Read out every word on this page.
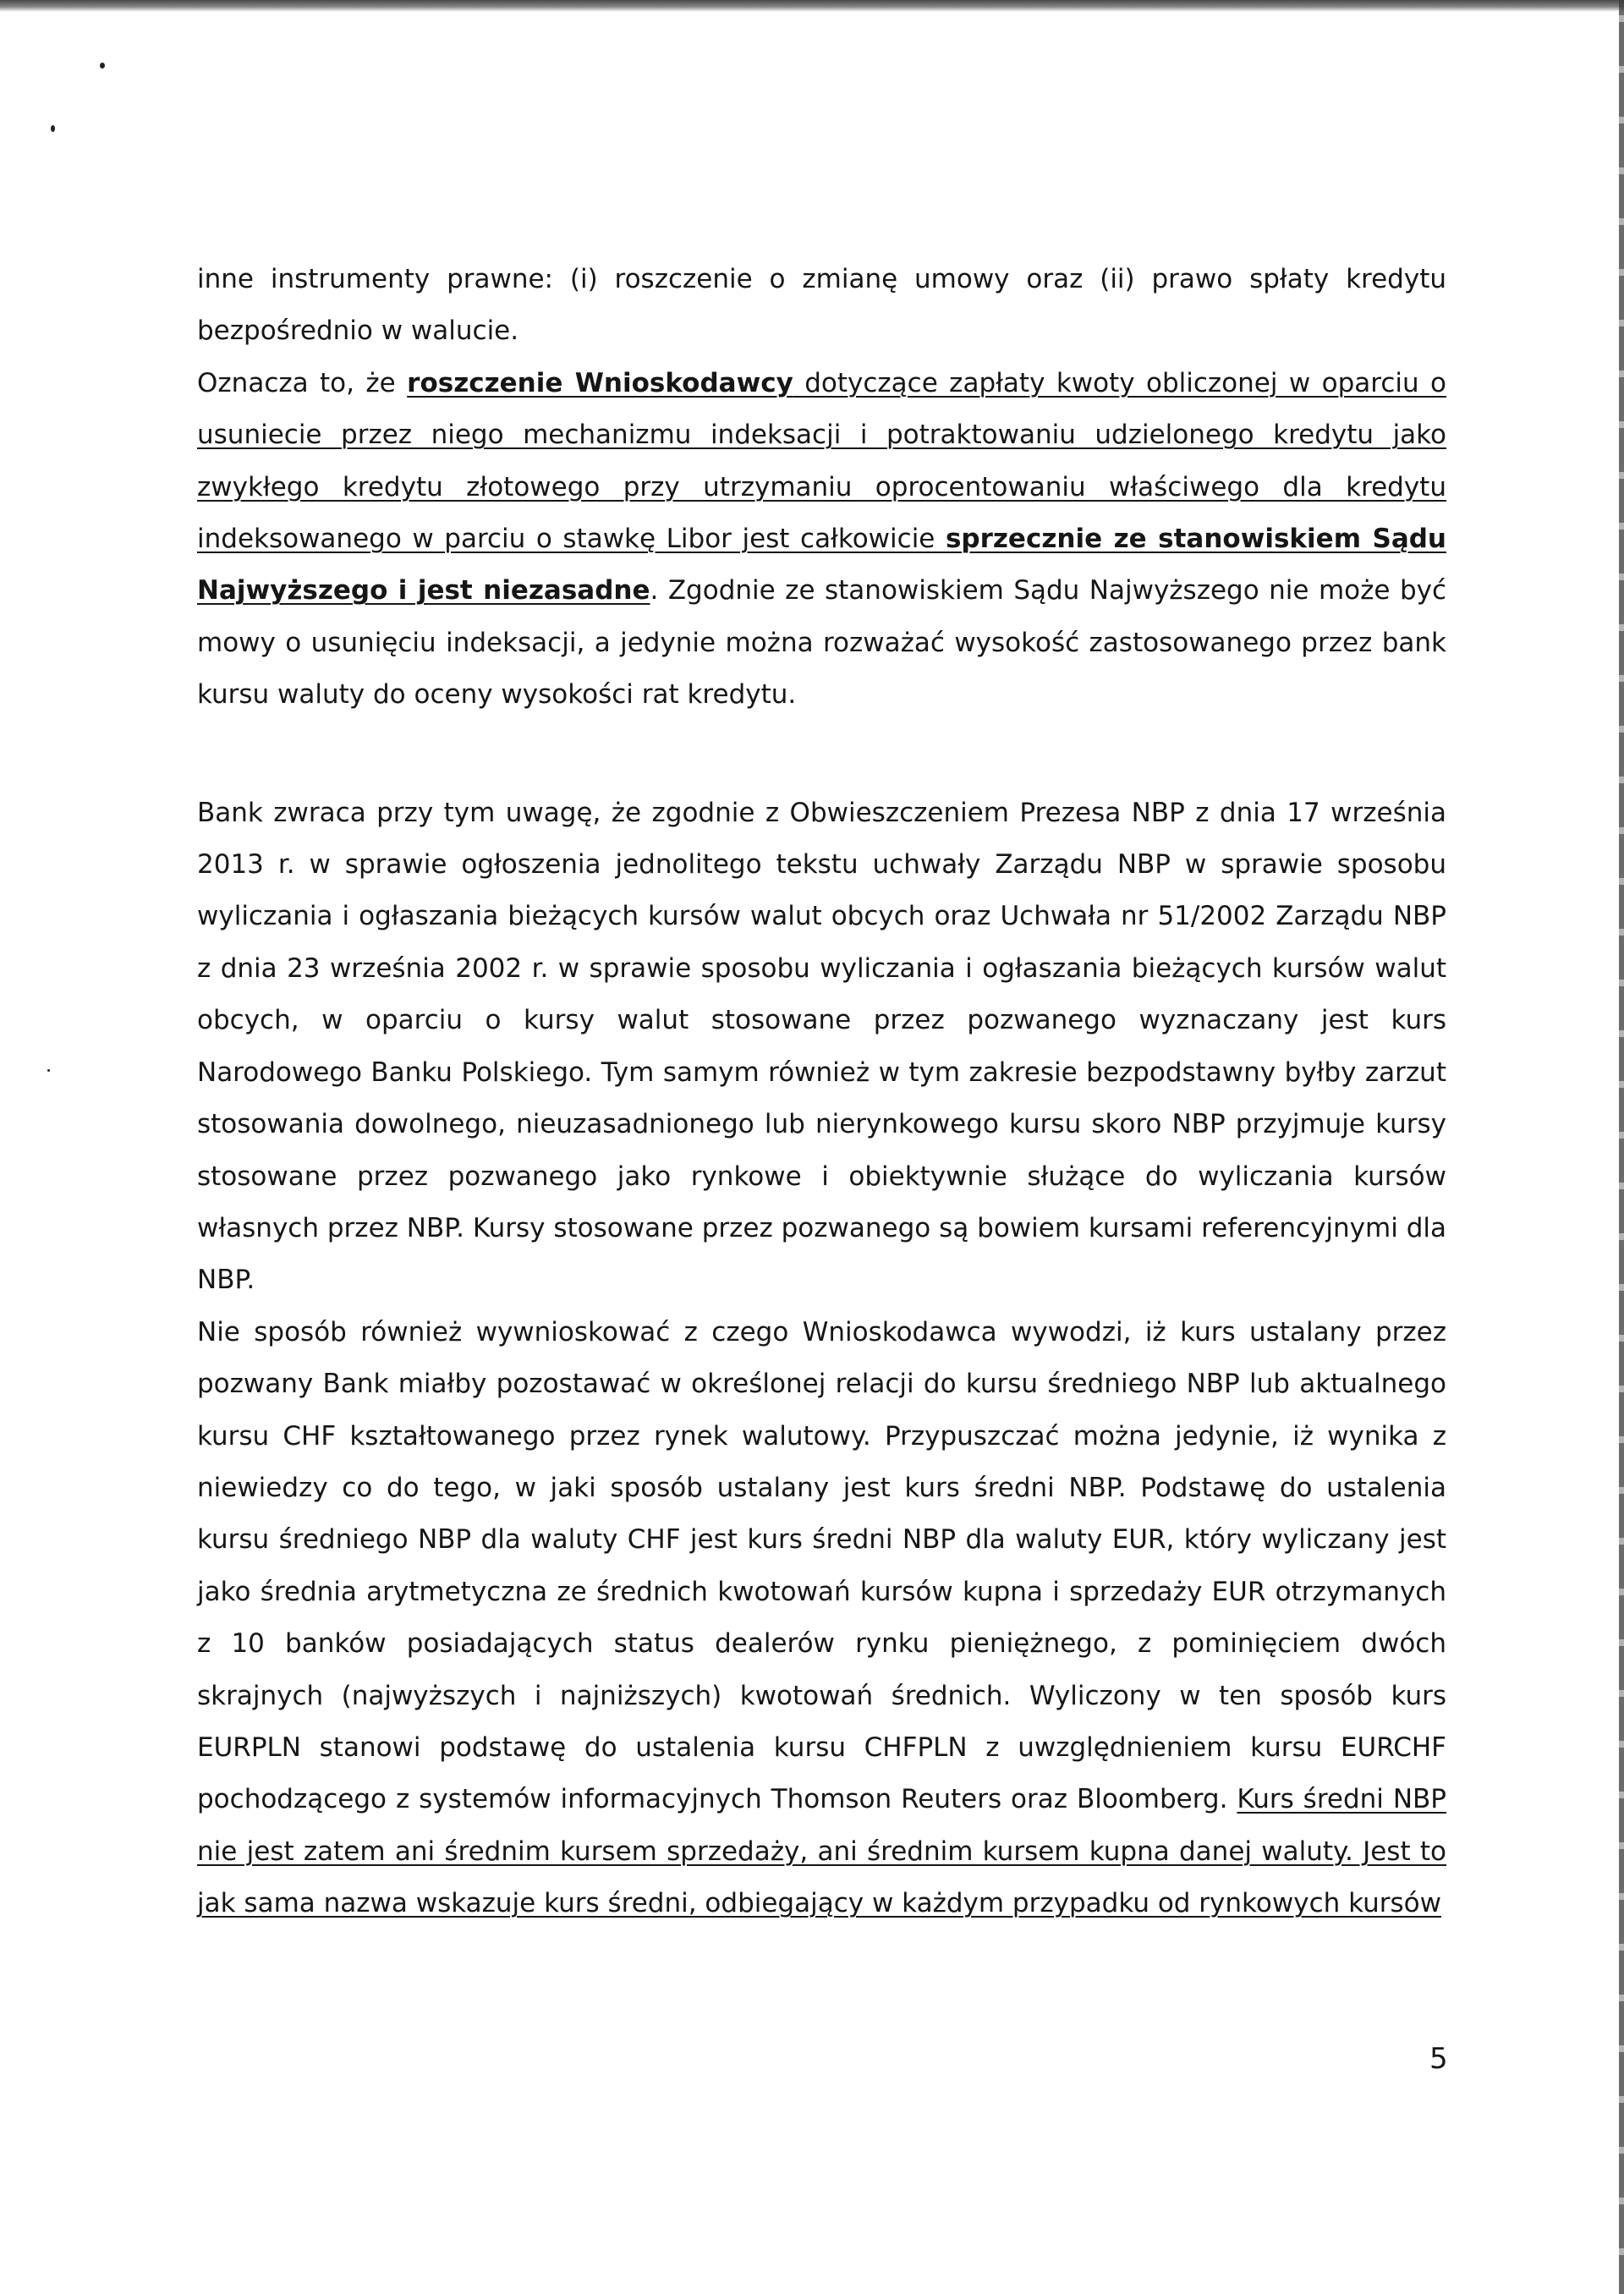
inne instrumenty prawne: (i) roszczenie o zmianę umowy oraz (ii) prawo spłaty kredytu bezpośrednio w walucie.

Oznacza to, że roszczenie Wnioskodawcy dotyczące zapłaty kwoty obliczonej w oparciu o usuniecie przez niego mechanizmu indeksacji i potraktowaniu udzielonego kredytu jako zwykłego kredytu złotowego przy utrzymaniu oprocentowaniu właściwego dla kredytu indeksowanego w parciu o stawkę Libor jest całkowicie sprzecznie ze stanowiskiem Sądu Najwyższego i jest niezasadne. Zgodnie ze stanowiskiem Sądu Najwyższego nie może być mowy o usunięciu indeksacji, a jedynie można rozważać wysokość zastosowanego przez bank kursu waluty do oceny wysokości rat kredytu.

Bank zwraca przy tym uwagę, że zgodnie z Obwieszczeniem Prezesa NBP z dnia 17 września 2013 r. w sprawie ogłoszenia jednolitego tekstu uchwały Zarządu NBP w sprawie sposobu wyliczania i ogłaszania bieżących kursów walut obcych oraz Uchwała nr 51/2002 Zarządu NBP z dnia 23 września 2002 r. w sprawie sposobu wyliczania i ogłaszania bieżących kursów walut obcych, w oparciu o kursy walut stosowane przez pozwanego wyznaczany jest kurs Narodowego Banku Polskiego. Tym samym również w tym zakresie bezpodstawny byłby zarzut stosowania dowolnego, nieuzasadnionego lub nierynkowego kursu skoro NBP przyjmuje kursy stosowane przez pozwanego jako rynkowe i obiektywnie służące do wyliczania kursów własnych przez NBP. Kursy stosowane przez pozwanego są bowiem kursami referencyjnymi dla NBP.

Nie sposób również wywnioskować z czego Wnioskodawca wywodzi, iż kurs ustalany przez pozwany Bank miałby pozostawać w określonej relacji do kursu średniego NBP lub aktualnego kursu CHF kształtowanego przez rynek walutowy. Przypuszczać można jedynie, iż wynika z niewiedzy co do tego, w jaki sposób ustalany jest kurs średni NBP. Podstawę do ustalenia kursu średniego NBP dla waluty CHF jest kurs średni NBP dla waluty EUR, który wyliczany jest jako średnia arytmetyczna ze średnich kwotowań kursów kupna i sprzedaży EUR otrzymanych z 10 banków posiadających status dealerów rynku pieniężnego, z pominięciem dwóch skrajnych (najwyższych i najniższych) kwotowań średnich. Wyliczony w ten sposób kurs EURPLN stanowi podstawę do ustalenia kursu CHFPLN z uwzględnieniem kursu EURCHF pochodzącego z systemów informacyjnych Thomson Reuters oraz Bloomberg. Kurs średni NBP nie jest zatem ani średnim kursem sprzedaży, ani średnim kursem kupna danej waluty. Jest to jak sama nazwa wskazuje kurs średni, odbiegający w każdym przypadku od rynkowych kursów

5
